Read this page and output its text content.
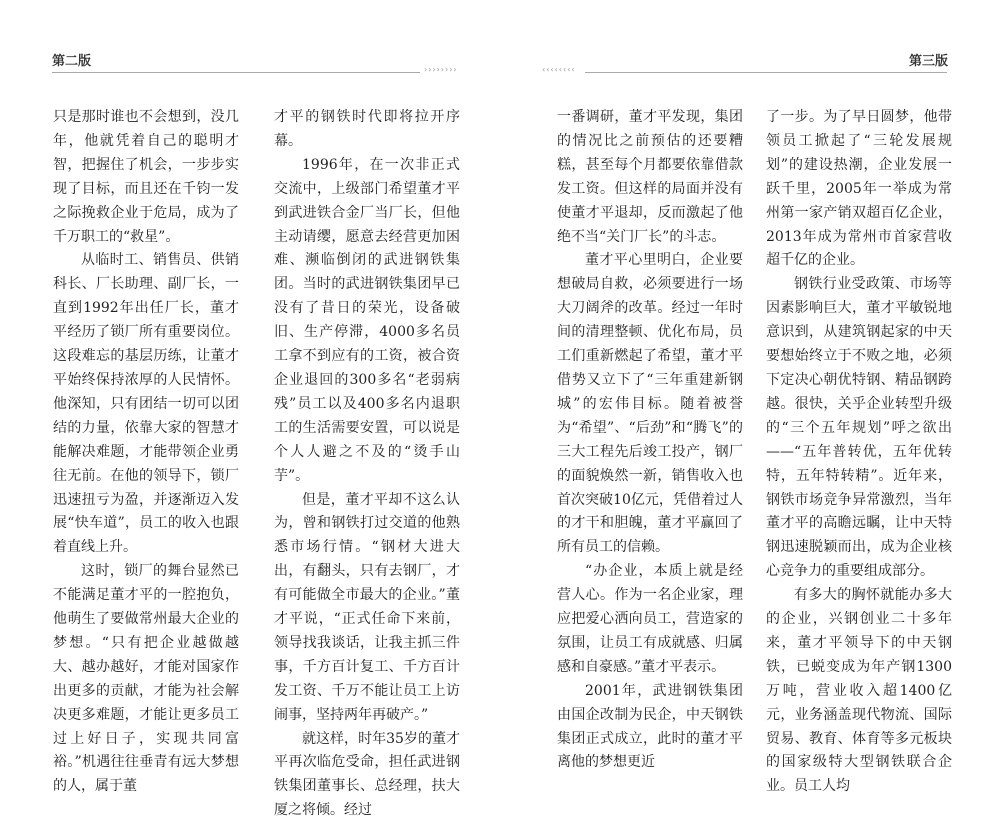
第二版
››››››››

只是那时谁也不会想到，没几年，他就凭着自己的聪明才智，把握住了机会，一步步实现了目标，而且还在千钧一发之际挽救企业于危局，成为了千万职工的“救星”。

从临时工、销售员、供销科长、厂长助理、副厂长，一直到1992年出任厂长，董才平经历了锁厂所有重要岗位。这段难忘的基层历练，让董才平始终保持浓厚的人民情怀。他深知，只有团结一切可以团结的力量，依靠大家的智慧才能解决难题，才能带领企业勇往无前。在他的领导下，锁厂迅速扭亏为盈，并逐渐迈入发展“快车道”，员工的收入也跟着直线上升。

这时，锁厂的舞台显然已不能满足董才平的一腔抱负，他萌生了要做常州最大企业的梦想。“只有把企业越做越大、越办越好，才能对国家作出更多的贡献，才能为社会解决更多难题，才能让更多员工过上好日子，实现共同富裕。”机遇往往垂青有远大梦想的人，属于董

才平的钢铁时代即将拉开序幕。

1996年，在一次非正式交流中，上级部门希望董才平到武进铁合金厂当厂长，但他主动请缨，愿意去经营更加困难、濒临倒闭的武进钢铁集团。当时的武进钢铁集团早已没有了昔日的荣光，设备破旧、生产停滞，4000多名员工拿不到应有的工资，被合资企业退回的300多名“老弱病残”员工以及400多名内退职工的生活需要安置，可以说是个人人避之不及的“烫手山芋”。

但是，董才平却不这么认为，曾和钢铁打过交道的他熟悉市场行情。“钢材大进大出，有翻头，只有去钢厂，才有可能做全市最大的企业。”董才平说，“正式任命下来前，领导找我谈话，让我主抓三件事，千方百计复工、千方百计发工资、千万不能让员工上访闹事，坚持两年再破产。”

就这样，时年35岁的董才平再次临危受命，担任武进钢铁集团董事长、总经理，扶大厦之将倾。经过

第三版
‹‹‹‹‹‹‹‹

一番调研，董才平发现，集团的情况比之前预估的还要糟糕，甚至每个月都要依靠借款发工资。但这样的局面并没有使董才平退却，反而激起了他绝不当“关门厂长”的斗志。

董才平心里明白，企业要想破局自救，必须要进行一场大刀阔斧的改革。经过一年时间的清理整顿、优化布局，员工们重新燃起了希望，董才平借势又立下了“三年重建新钢城”的宏伟目标。随着被誉为“希望”、“后劲”和“腾飞”的三大工程先后竣工投产，钢厂的面貌焕然一新，销售收入也首次突破10亿元，凭借着过人的才干和胆魄，董才平赢回了所有员工的信赖。

“办企业，本质上就是经营人心。作为一名企业家，理应把爱心洒向员工，营造家的氛围，让员工有成就感、归属感和自豪感。”董才平表示。

2001年，武进钢铁集团由国企改制为民企，中天钢铁集团正式成立，此时的董才平离他的梦想更近

了一步。为了早日圆梦，他带领员工掀起了“三轮发展规划”的建设热潮，企业发展一跃千里，2005年一举成为常州第一家产销双超百亿企业，2013年成为常州市首家营收超千亿的企业。

钢铁行业受政策、市场等因素影响巨大，董才平敏锐地意识到，从建筑钢起家的中天要想始终立于不败之地，必须下定决心朝优特钢、精品钢跨越。很快，关乎企业转型升级的“三个五年规划”呼之欲出——“五年普转优，五年优转特，五年特转精”。近年来，钢铁市场竞争异常激烈，当年董才平的高瞻远瞩，让中天特钢迅速脱颖而出，成为企业核心竞争力的重要组成部分。

有多大的胸怀就能办多大的企业，兴钢创业二十多年来，董才平领导下的中天钢铁，已蜕变成为年产钢1300万吨，营业收入超1400亿元，业务涵盖现代物流、国际贸易、教育、体育等多元板块的国家级特大型钢铁联合企业。员工人均
